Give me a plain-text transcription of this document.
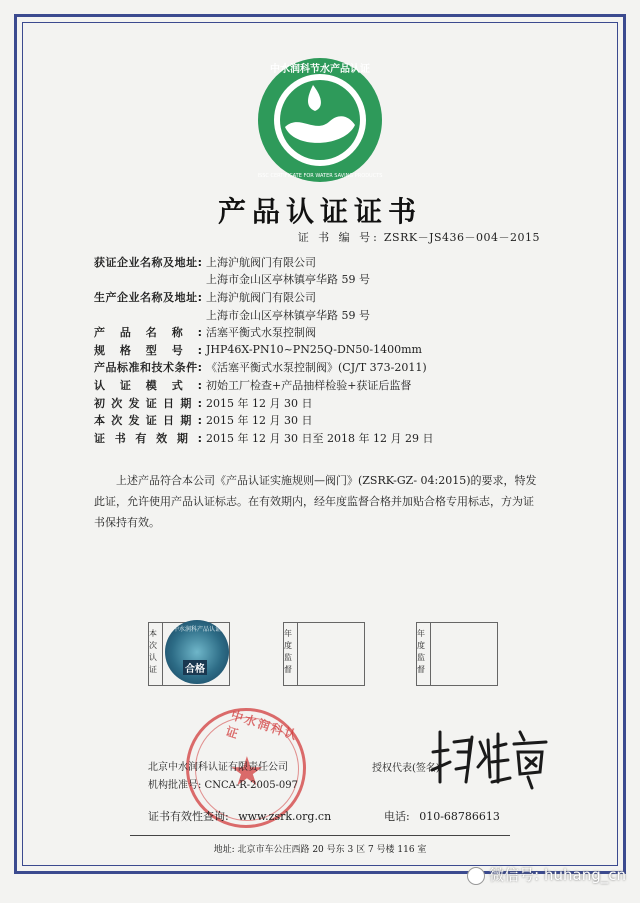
中水润科节水产品认证
ISSC CERTIFICATE FOR WATER SAVING PRODUCTS
产品认证证书
证 书 编 号: ZSRK－JS436－004－2015
获证企业名称及地址: 上海沪航阀门有限公司
上海市金山区亭林镇亭华路 59 号
生产企业名称及地址: 上海沪航阀门有限公司
上海市金山区亭林镇亭华路 59 号
产品名称: 活塞平衡式水泵控制阀
规格型号: JHP46X-PN10~PN25Q-DN50-1400mm
产品标准和技术条件: 《活塞平衡式水泵控制阀》(CJ/T 373-2011)
认证模式: 初始工厂检查+产品抽样检验+获证后监督
初次发证日期: 2015 年 12 月 30 日
本次发证日期: 2015 年 12 月 30 日
证书有效期: 2015 年 12 月 30 日至 2018 年 12 月 29 日

上述产品符合本公司《产品认证实施规则—阀门》(ZSRK-GZ- 04:2015)的要求，特发此证，允许使用产品认证标志。在有效期内，经年度监督合格并加贴合格专用标志，方为证书保持有效。

本次认证
中水润科产品认证
合格
年度监督
年度监督
中水润科认证
★
北京中水润科认证有限责任公司
机构批准号: CNCA-R-2005-097
授权代表(签名)
证书有效性查询: www.zsrk.org.cn	电话: 010-68786613
地址: 北京市车公庄西路 20 号东 3 区 7 号楼 116 室
微信号: huhang_cn
